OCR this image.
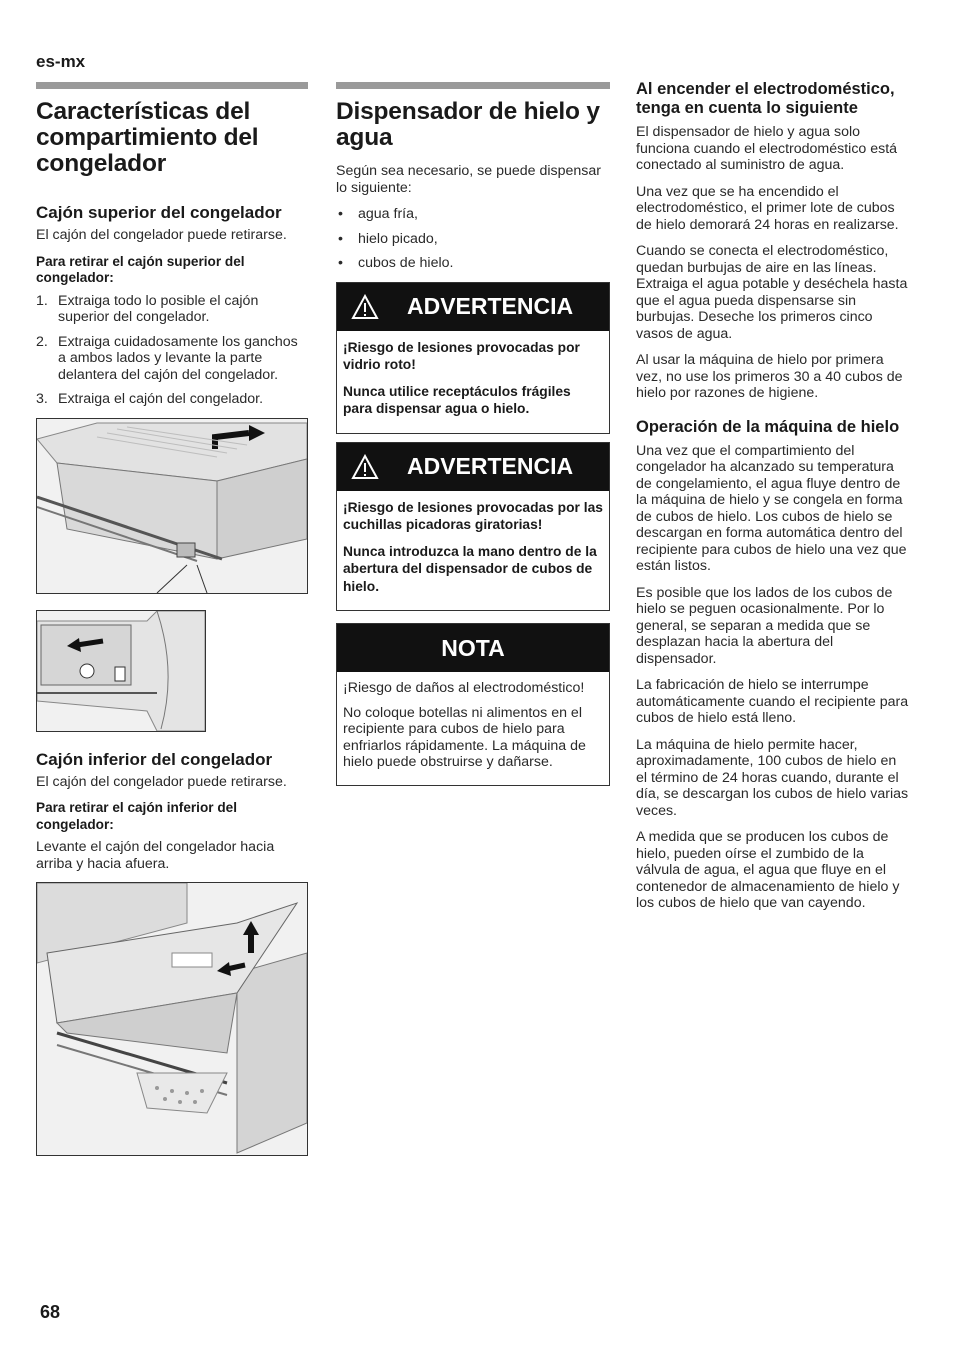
es-mx
Características del compartimiento del congelador
Cajón superior del congelador

El cajón del congelador puede retirarse.

Para retirar el cajón superior del congelador:

1. Extraiga todo lo posible el cajón superior del congelador.
2. Extraiga cuidadosamente los ganchos a ambos lados y levante la parte delantera del cajón del congelador.
3. Extraiga el cajón del congelador.
Cajón inferior del congelador

El cajón del congelador puede retirarse.

Para retirar el cajón inferior del congelador:

Levante el cajón del congelador hacia arriba y hacia afuera.

Dispensador de hielo y agua

Según sea necesario, se puede dispensar lo siguiente:

• agua fría,
• hielo picado,
• cubos de hielo.
ADVERTENCIA

¡Riesgo de lesiones provocadas por vidrio roto!

Nunca utilice receptáculos frágiles para dispensar agua o hielo.

ADVERTENCIA

¡Riesgo de lesiones provocadas por las cuchillas picadoras giratorias!

Nunca introduzca la mano dentro de la abertura del dispensador de cubos de hielo.

NOTA

¡Riesgo de daños al electrodoméstico!

No coloque botellas ni alimentos en el recipiente para cubos de hielo para enfriarlos rápidamente. La máquina de hielo puede obstruirse y dañarse.

Al encender el electrodoméstico, tenga en cuenta lo siguiente

El dispensador de hielo y agua solo funciona cuando el electrodoméstico está conectado al suministro de agua.

Una vez que se ha encendido el electrodoméstico, el primer lote de cubos de hielo demorará 24 horas en realizarse.

Cuando se conecta el electrodoméstico, quedan burbujas de aire en las líneas.

Extraiga el agua potable y deséchela hasta que el agua pueda dispensarse sin burbujas. Deseche los primeros cinco vasos de agua.

Al usar la máquina de hielo por primera vez, no use los primeros 30 a 40 cubos de hielo por razones de higiene.

Operación de la máquina de hielo

Una vez que el compartimiento del congelador ha alcanzado su temperatura de congelamiento, el agua fluye dentro de la máquina de hielo y se congela en forma de cubos de hielo. Los cubos de hielo se descargan en forma automática dentro del recipiente para cubos de hielo una vez que están listos.

Es posible que los lados de los cubos de hielo se peguen ocasionalmente. Por lo general, se separan a medida que se desplazan hacia la abertura del dispensador.

La fabricación de hielo se interrumpe automáticamente cuando el recipiente para cubos de hielo está lleno.

La máquina de hielo permite hacer, aproximadamente, 100 cubos de hielo en el término de 24 horas cuando, durante el día, se descargan los cubos de hielo varias veces.

A medida que se producen los cubos de hielo, pueden oírse el zumbido de la válvula de agua, el agua que fluye en el contenedor de almacenamiento de hielo y los cubos de hielo que van cayendo.

68
